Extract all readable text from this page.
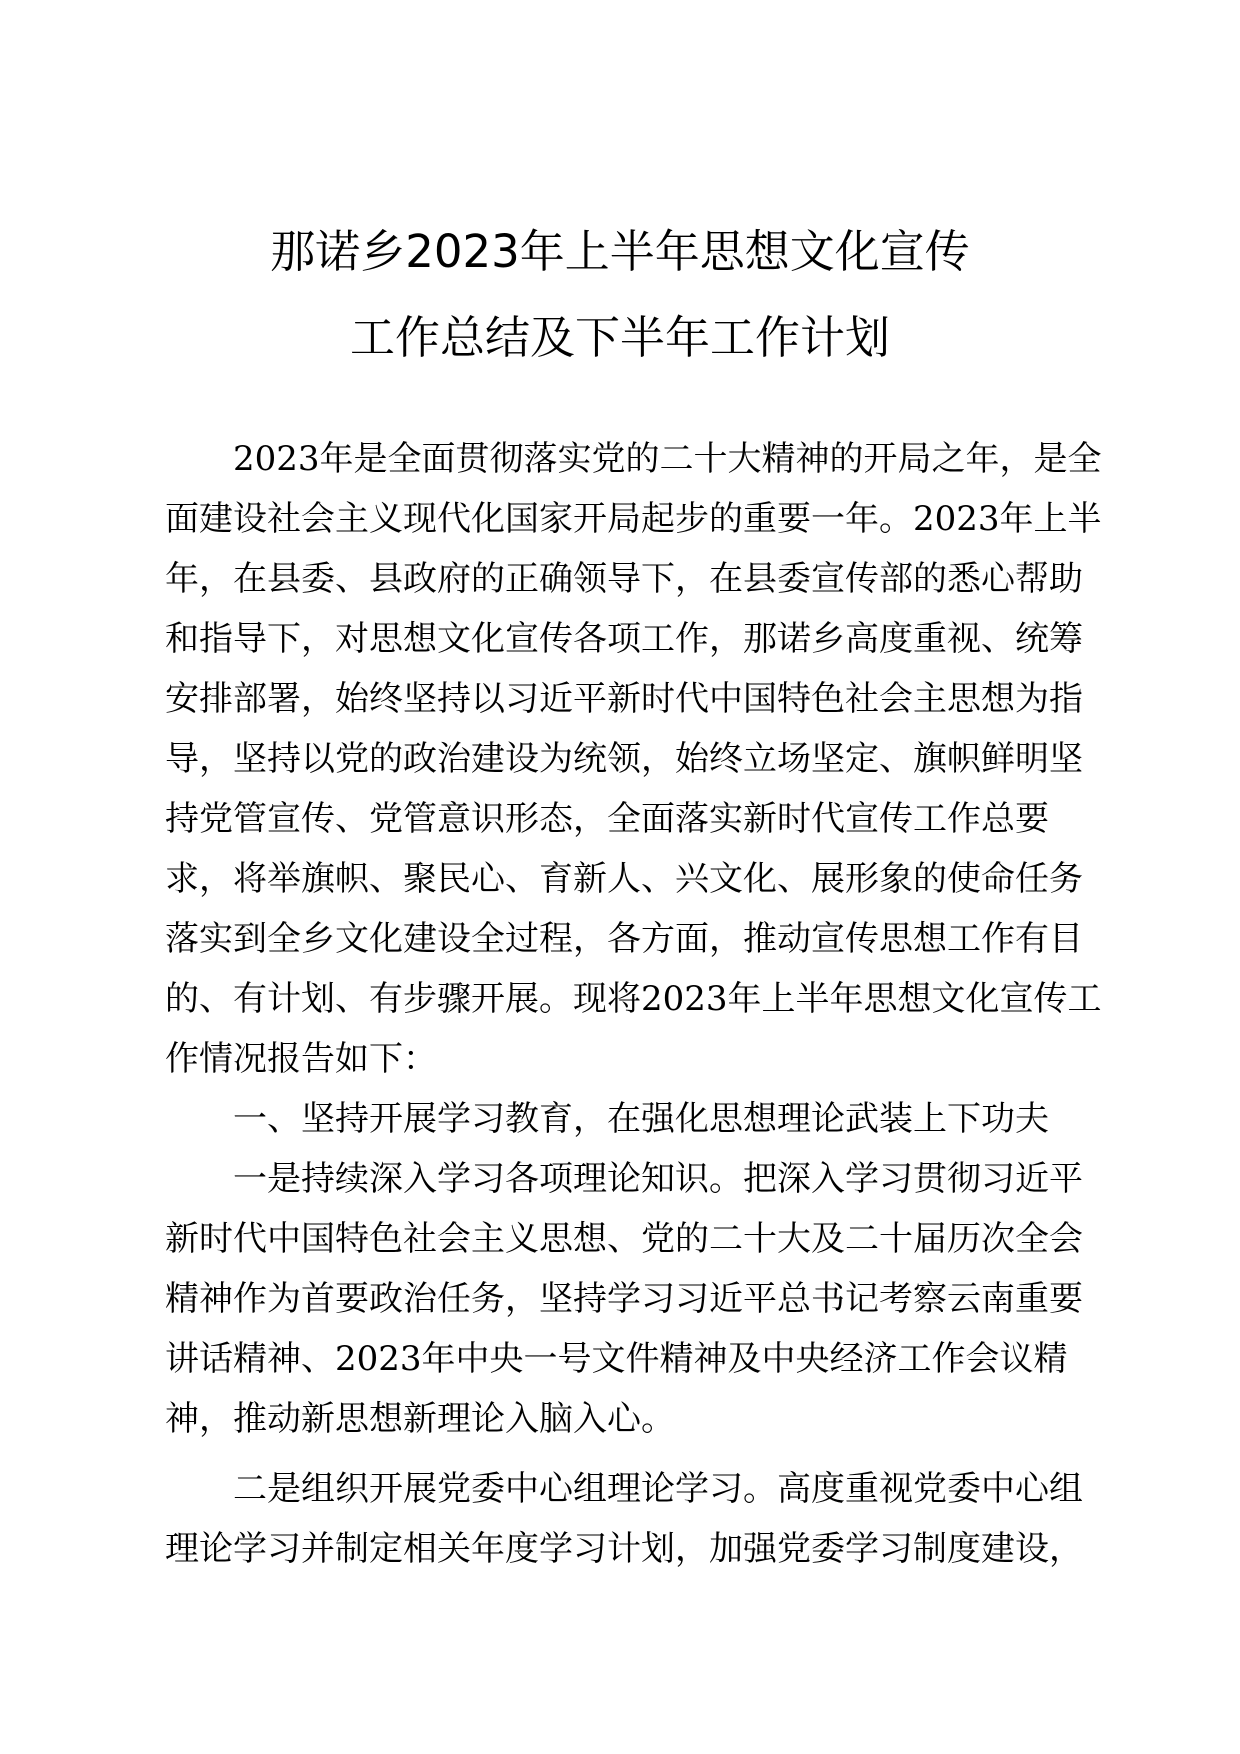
那诺乡2023年上半年思想文化宣传
工作总结及下半年工作计划
2023年是全面贯彻落实党的二十大精神的开局之年，是全
面建设社会主义现代化国家开局起步的重要一年。2023年上半
年，在县委、县政府的正确领导下，在县委宣传部的悉心帮助
和指导下，对思想文化宣传各项工作，那诺乡高度重视、统筹
安排部署，始终坚持以习近平新时代中国特色社会主思想为指
导，坚持以党的政治建设为统领，始终立场坚定、旗帜鲜明坚
持党管宣传、党管意识形态，全面落实新时代宣传工作总要
求，将举旗帜、聚民心、育新人、兴文化、展形象的使命任务
落实到全乡文化建设全过程，各方面，推动宣传思想工作有目
的、有计划、有步骤开展。现将2023年上半年思想文化宣传工
作情况报告如下：
一、坚持开展学习教育，在强化思想理论武装上下功夫
一是持续深入学习各项理论知识。把深入学习贯彻习近平
新时代中国特色社会主义思想、党的二十大及二十届历次全会
精神作为首要政治任务，坚持学习习近平总书记考察云南重要
讲话精神、2023年中央一号文件精神及中央经济工作会议精
神，推动新思想新理论入脑入心。
二是组织开展党委中心组理论学习。高度重视党委中心组
理论学习并制定相关年度学习计划，加强党委学习制度建设，
